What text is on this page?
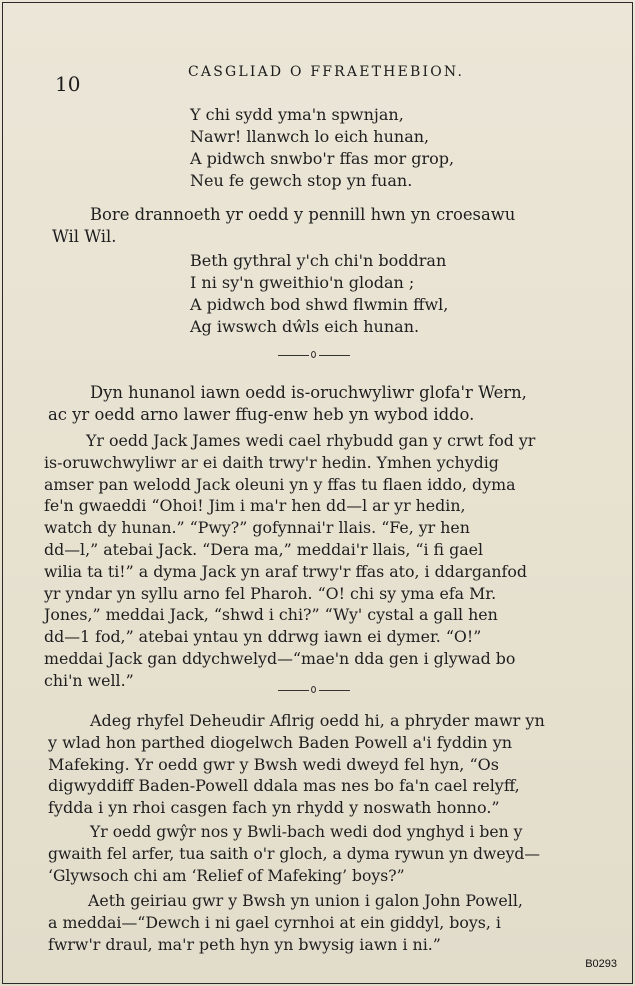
10	CASGLIAD O FFRAETHEBION.
Y chi sydd yma'n spwnjan,
Nawr! llanwch lo eich hunan,
A pidwch snwbo'r ffas mor grop,
Neu fe gewch stop yn fuan.
Bore drannoeth yr oedd y pennill hwn yn croesawu
Wil Wil.
Beth gythral y'ch chi'n boddran
I ni sy'n gweithio'n glodan ;
A pidwch bod shwd flwmin ffwl,
Ag iwswch dŵls eich hunan.
Dyn hunanol iawn oedd is-oruchwyliwr glofa'r Wern,
ac yr oedd arno lawer ffug-enw heb yn wybod iddo.
Yr oedd Jack James wedi cael rhybudd gan y crwt fod yr
is-oruwchwyliwr ar ei daith trwy'r hedin. Ymhen ychydig
amser pan welodd Jack oleuni yn y ffas tu flaen iddo, dyma
fe'n gwaeddi “Ohoi! Jim i ma'r hen dd—l ar yr hedin,
watch dy hunan.” “Pwy?” gofynnai'r llais. “Fe, yr hen
dd—l,” atebai Jack. “Dera ma,” meddai'r llais, “i fi gael
wilia ta ti!” a dyma Jack yn araf trwy'r ffas ato, i ddarganfod
yr yndar yn syllu arno fel Pharoh. “O! chi sy yma efa Mr.
Jones,” meddai Jack, “shwd i chi?” “Wy' cystal a gall hen
dd—1 fod,” atebai yntau yn ddrwg iawn ei dymer. “O!”
meddai Jack gan ddychwelyd—“mae'n dda gen i glywad bo
chi'n well.”
Adeg rhyfel Deheudir Aflrig oedd hi, a phryder mawr yn
y wlad hon parthed diogelwch Baden Powell a'i fyddin yn
Mafeking. Yr oedd gwr y Bwsh wedi dweyd fel hyn, “Os
digwyddiff Baden-Powell ddala mas nes bo fa'n cael relyff,
fydda i yn rhoi casgen fach yn rhydd y noswath honno.”
Yr oedd gwŷr nos y Bwli-bach wedi dod ynghyd i ben y
gwaith fel arfer, tua saith o'r gloch, a dyma rywun yn dweyd—
‘Glywsoch chi am ‘Relief of Mafeking’ boys?”
Aeth geiriau gwr y Bwsh yn union i galon John Powell,
a meddai—“Dewch i ni gael cyrnhoi at ein giddyl, boys, i
fwrw'r draul, ma'r peth hyn yn bwysig iawn i ni.”
B0293
